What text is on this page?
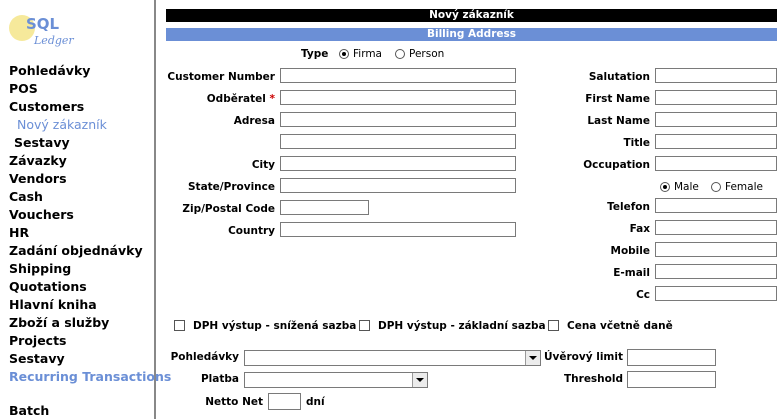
SQL
Ledger
Pohledávky
POS
Customers
Nový zákazník
Sestavy
Závazky
Vendors
Cash
Vouchers
HR
Zadání objednávky
Shipping
Quotations
Hlavní kniha
Zboží a služby
Projects
Sestavy
Recurring Transactions
Batch
Nový zákazník
Billing Address
Type Firma	Person
Customer Number
Odběratel *
Adresa
City
State/Province
Zip/Postal Code
Country
Salutation
First Name
Last Name
Title
Occupation
Male Female
Telefon
Fax
Mobile
E-mail
Cc
DPH výstup - snížená sazba DPH výstup - základní sazba Cena včetně daně
Pohledávky
Platba
Netto Net	dní
Úvěrový limit
Threshold
